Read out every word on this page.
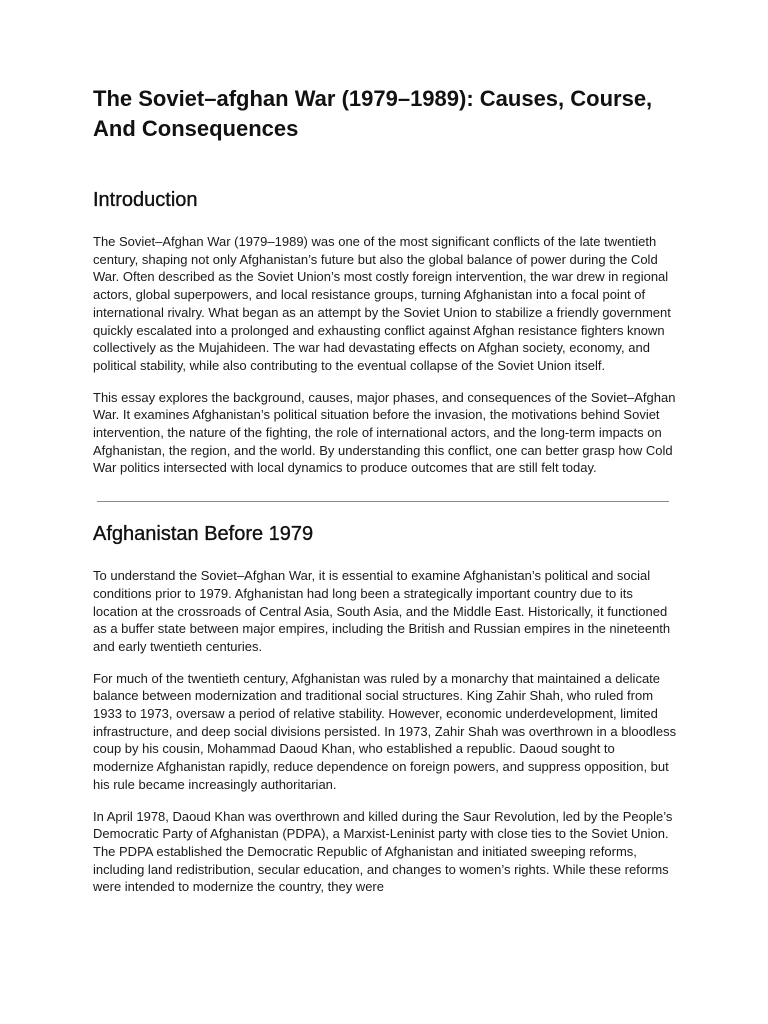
The Soviet–afghan War (1979–1989): Causes, Course, And Consequences
Introduction

The Soviet–Afghan War (1979–1989) was one of the most significant conflicts of the late twentieth century, shaping not only Afghanistan’s future but also the global balance of power during the Cold War. Often described as the Soviet Union’s most costly foreign intervention, the war drew in regional actors, global superpowers, and local resistance groups, turning Afghanistan into a focal point of international rivalry. What began as an attempt by the Soviet Union to stabilize a friendly government quickly escalated into a prolonged and exhausting conflict against Afghan resistance fighters known collectively as the Mujahideen. The war had devastating effects on Afghan society, economy, and political stability, while also contributing to the eventual collapse of the Soviet Union itself.

This essay explores the background, causes, major phases, and consequences of the Soviet–Afghan War. It examines Afghanistan’s political situation before the invasion, the motivations behind Soviet intervention, the nature of the fighting, the role of international actors, and the long-term impacts on Afghanistan, the region, and the world. By understanding this conflict, one can better grasp how Cold War politics intersected with local dynamics to produce outcomes that are still felt today.

Afghanistan Before 1979

To understand the Soviet–Afghan War, it is essential to examine Afghanistan’s political and social conditions prior to 1979. Afghanistan had long been a strategically important country due to its location at the crossroads of Central Asia, South Asia, and the Middle East. Historically, it functioned as a buffer state between major empires, including the British and Russian empires in the nineteenth and early twentieth centuries.

For much of the twentieth century, Afghanistan was ruled by a monarchy that maintained a delicate balance between modernization and traditional social structures. King Zahir Shah, who ruled from 1933 to 1973, oversaw a period of relative stability. However, economic underdevelopment, limited infrastructure, and deep social divisions persisted. In 1973, Zahir Shah was overthrown in a bloodless coup by his cousin, Mohammad Daoud Khan, who established a republic. Daoud sought to modernize Afghanistan rapidly, reduce dependence on foreign powers, and suppress opposition, but his rule became increasingly authoritarian.

In April 1978, Daoud Khan was overthrown and killed during the Saur Revolution, led by the People’s Democratic Party of Afghanistan (PDPA), a Marxist-Leninist party with close ties to the Soviet Union. The PDPA established the Democratic Republic of Afghanistan and initiated sweeping reforms, including land redistribution, secular education, and changes to women’s rights. While these reforms were intended to modernize the country, they were
